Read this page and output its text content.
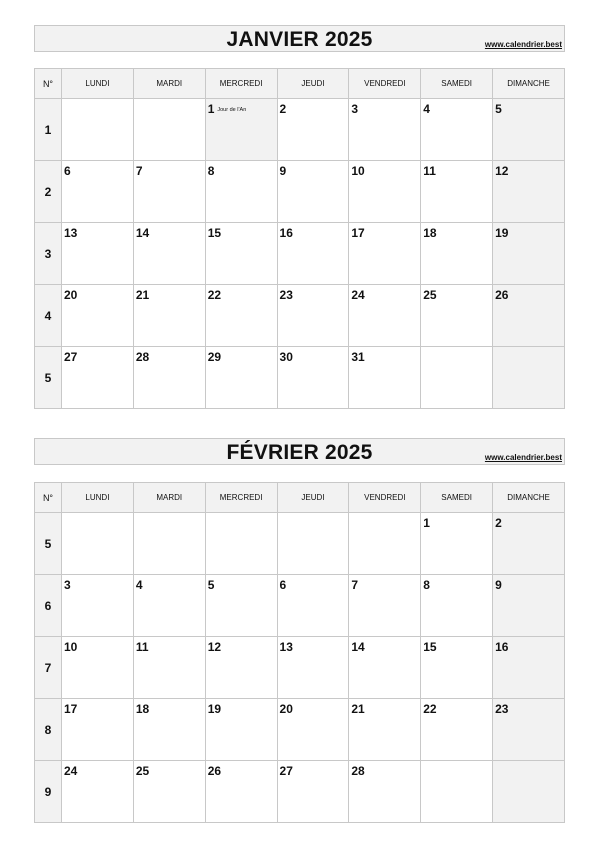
JANVIER 2025	www.calendrier.best
N°	LUNDI	MARDI	MERCREDI	JEUDI	VENDREDI	SAMEDI	DIMANCHE
1			1 Jour de l'An	2	3	4	5

2	6	7	8	9	10	11	12

3	13	14	15	16	17	18	19

4	20	21	22	23	24	25	26

5	27	28	29	30	31		

FÉVRIER 2025	www.calendrier.best
N°	LUNDI	MARDI	MERCREDI	JEUDI	VENDREDI	SAMEDI	DIMANCHE
5						1	2

6	3	4	5	6	7	8	9

7	10	11	12	13	14	15	16

8	17	18	19	20	21	22	23

9	24	25	26	27	28		
